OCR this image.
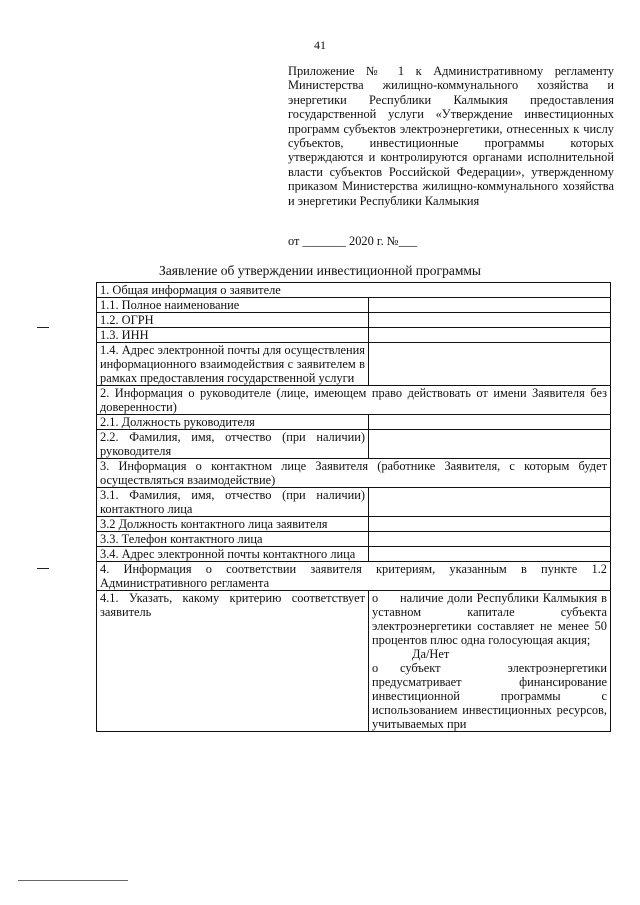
41
Приложение № 1 к Административному регламенту Министерства жилищно-коммунального хозяйства и энергетики Республики Калмыкия предоставления государственной услуги «Утверждение инвестиционных программ субъектов электроэнергетики, отнесенных к числу субъектов, инвестиционные программы которых утверждаются и контролируются органами исполнительной власти субъектов Российской Федерации», утвержденному приказом Министерства жилищно-коммунального хозяйства и энергетики Республики Калмыкия
от _______ 2020 г. №___
Заявление об утверждении инвестиционной программы
1. Общая информация о заявителе	
1.1. Полное наименование	
1.2. ОГРН	
1.3. ИНН	
1.4. Адрес электронной почты для осуществления информационного взаимодействия с заявителем в рамках предоставления государственной услуги	
2. Информация о руководителе (лице, имеющем право действовать от имени Заявителя без доверенности)	
2.1. Должность руководителя	
2.2. Фамилия, имя, отчество (при наличии) руководителя	
3. Информация о контактном лице Заявителя (работнике Заявителя, с которым будет осуществляться взаимодействие)	
3.1. Фамилия, имя, отчество (при наличии) контактного лица	
3.2 Должность контактного лица заявителя	
3.3. Телефон контактного лица	
3.4. Адрес электронной почты контактного лица	
4. Информация о соответствии заявителя критериям, указанным в пункте 1.2 Административного регламента	
4.1. Указать, какому критерию соответствует заявитель	o наличие доли Республики Калмыкия в уставном капитале субъекта электроэнергетики составляет не менее 50 процентов плюс одна голосующая акция;
Да/Нет
o субъект электроэнергетики предусматривает финансирование инвестиционной программы с использованием инвестиционных ресурсов, учитываемых при
